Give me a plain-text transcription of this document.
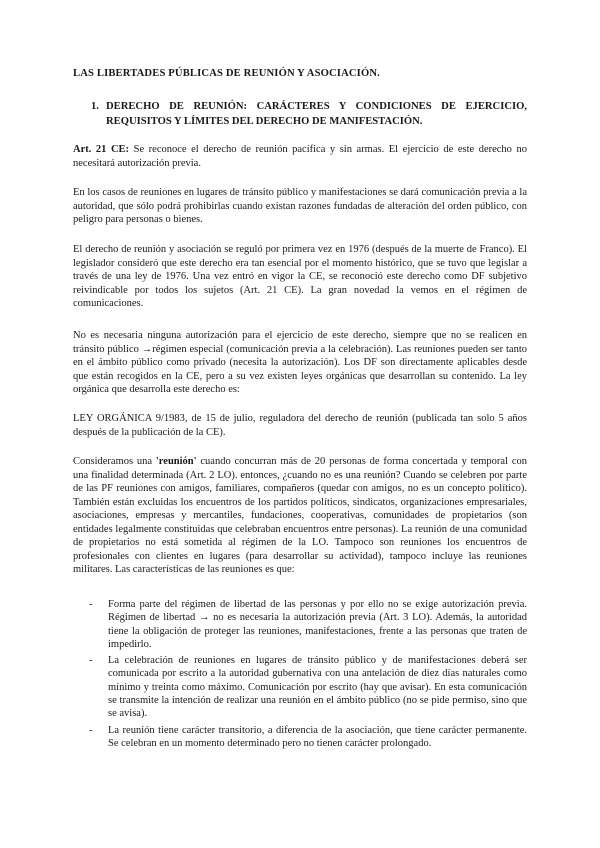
LAS LIBERTADES PÚBLICAS DE REUNIÓN Y ASOCIACIÓN.
1. DERECHO DE REUNIÓN: CARÁCTERES Y CONDICIONES DE EJERCICIO, REQUISITOS Y LÍMITES DEL DERECHO DE MANIFESTACIÓN.
Art. 21 CE: Se reconoce el derecho de reunión pacífica y sin armas. El ejercicio de este derecho no necesitará autorización previa.
En los casos de reuniones en lugares de tránsito público y manifestaciones se dará comunicación previa a la autoridad, que sólo podrá prohibirlas cuando existan razones fundadas de alteración del orden público, con peligro para personas o bienes.
El derecho de reunión y asociación se reguló por primera vez en 1976 (después de la muerte de Franco). El legislador consideró que este derecho era tan esencial por el momento histórico, que se tuvo que legislar a través de una ley de 1976. Una vez entró en vigor la CE, se reconoció este derecho como DF subjetivo reivindicable por todos los sujetos (Art. 21 CE). La gran novedad la vemos en el régimen de comunicaciones.
No es necesaria ninguna autorización para el ejercicio de este derecho, siempre que no se realicen en tránsito público →régimen especial (comunicación previa a la celebración). Las reuniones pueden ser tanto en el ámbito público como privado (necesita la autorización). Los DF son directamente aplicables desde que están recogidos en la CE, pero a su vez existen leyes orgánicas que desarrollan su contenido. La ley orgánica que desarrolla este derecho es:
LEY ORGÁNICA 9/1983, de 15 de julio, reguladora del derecho de reunión (publicada tan solo 5 años después de la publicación de la CE).
Consideramos una 'reunión' cuando concurran más de 20 personas de forma concertada y temporal con una finalidad determinada (Art. 2 LO). entonces, ¿cuando no es una reunión? Cuando se celebren por parte de las PF reuniones con amigos, familiares, compañeros (quedar con amigos, no es un concepto político). También están excluidas los encuentros de los partidos políticos, sindicatos, organizaciones empresariales, asociaciones, empresas y mercantiles, fundaciones, cooperativas, comunidades de propietarios (son entidades legalmente constituidas que celebraban encuentros entre personas). La reunión de una comunidad de propietarios no está sometida al régimen de la LO. Tampoco son reuniones los encuentros de profesionales con clientes en lugares (para desarrollar su actividad), tampoco incluye las reuniones militares. Las características de las reuniones es que:
- Forma parte del régimen de libertad de las personas y por ello no se exige autorización previa. Régimen de libertad → no es necesaria la autorización previa (Art. 3 LO). Además, la autoridad tiene la obligación de proteger las reuniones, manifestaciones, frente a las personas que traten de impedirlo.
- La celebración de reuniones en lugares de tránsito público y de manifestaciones deberá ser comunicada por escrito a la autoridad gubernativa con una antelación de diez días naturales como mínimo y treinta como máximo. Comunicación por escrito (hay que avisar). En esta comunicación se transmite la intención de realizar una reunión en el ámbito público (no se pide permiso, sino que se avisa).
- La reunión tiene carácter transitorio, a diferencia de la asociación, que tiene carácter permanente. Se celebran en un momento determinado pero no tienen carácter prolongado.
